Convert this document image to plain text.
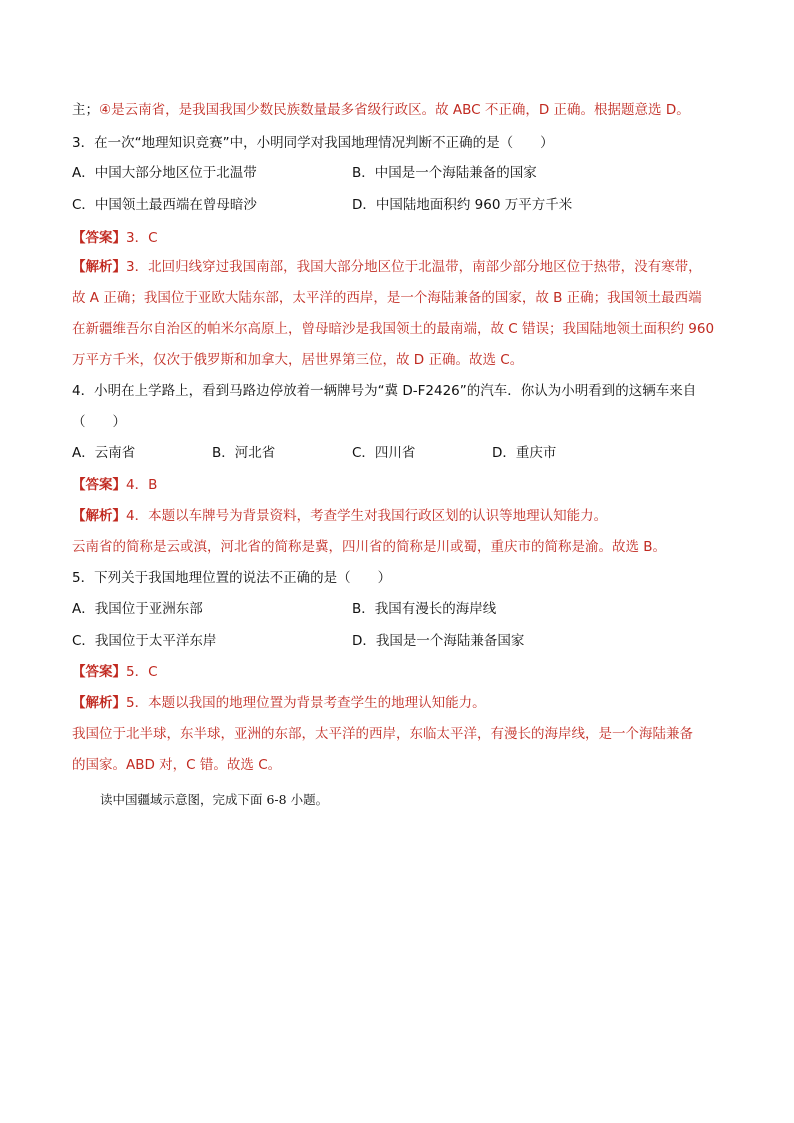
主；④是云南省，是我国我国少数民族数量最多省级行政区。故 ABC 不正确，D 正确。根据题意选 D。
3．在一次“地理知识竞赛”中，小明同学对我国地理情况判断不正确的是（　　）
A．中国大部分地区位于北温带	B．中国是一个海陆兼备的国家
C．中国领土最西端在曾母暗沙	D．中国陆地面积约 960 万平方千米
【答案】3．C
【解析】3．北回归线穿过我国南部，我国大部分地区位于北温带，南部少部分地区位于热带，没有寒带，
故 A 正确；我国位于亚欧大陆东部，太平洋的西岸，是一个海陆兼备的国家，故 B 正确；我国领土最西端
在新疆维吾尔自治区的帕米尔高原上，曾母暗沙是我国领土的最南端，故 C 错误；我国陆地领土面积约 960
万平方千米，仅次于俄罗斯和加拿大，居世界第三位，故 D 正确。故选 C。
4．小明在上学路上，看到马路边停放着一辆牌号为“冀 D-F2426”的汽车．你认为小明看到的这辆车来自
（　　）
A．云南省	B．河北省	C．四川省	D．重庆市
【答案】4．B
【解析】4．本题以车牌号为背景资料，考查学生对我国行政区划的认识等地理认知能力。
云南省的简称是云或滇，河北省的简称是冀，四川省的简称是川或蜀，重庆市的简称是渝。故选 B。
5．下列关于我国地理位置的说法不正确的是（　　）
A．我国位于亚洲东部	B．我国有漫长的海岸线
C．我国位于太平洋东岸	D．我国是一个海陆兼备国家
【答案】5．C
【解析】5．本题以我国的地理位置为背景考查学生的地理认知能力。
我国位于北半球，东半球，亚洲的东部，太平洋的西岸，东临太平洋，有漫长的海岸线，是一个海陆兼备
的国家。ABD 对，C 错。故选 C。
读中国疆域示意图，完成下面 6-8 小题。
